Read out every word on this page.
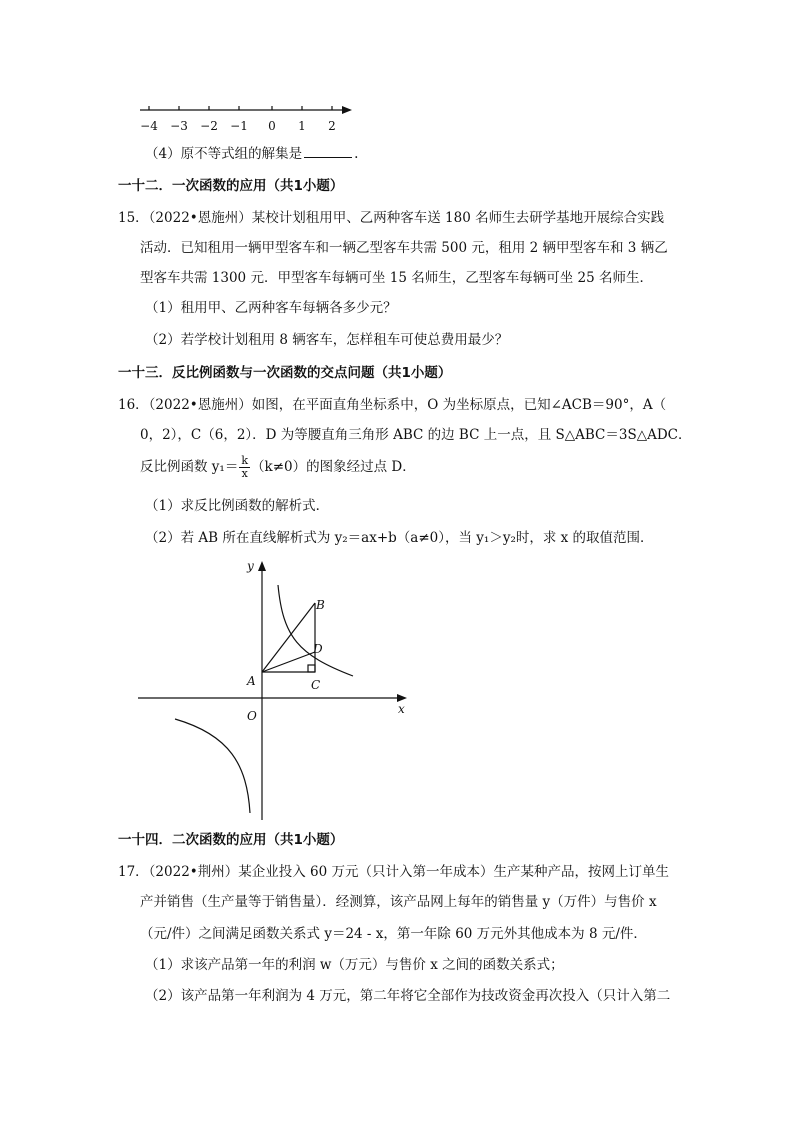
−4 −3 −2 −1 0 1 2
（4）原不等式组的解集是	.
一十二．一次函数的应用（共1小题）
15．（2022•恩施州）某校计划租用甲、乙两种客车送 180 名师生去研学基地开展综合实践
活动．已知租用一辆甲型客车和一辆乙型客车共需 500 元，租用 2 辆甲型客车和 3 辆乙
型客车共需 1300 元．甲型客车每辆可坐 15 名师生，乙型客车每辆可坐 25 名师生．
（1）租用甲、乙两种客车每辆各多少元？
（2）若学校计划租用 8 辆客车，怎样租车可使总费用最少？
一十三．反比例函数与一次函数的交点问题（共1小题）
16．（2022•恩施州）如图，在平面直角坐标系中，O 为坐标原点，已知∠ACB＝90°，A（
0，2），C（6，2）．D 为等腰直角三角形 ABC 的边 BC 上一点，且 S△ABC＝3S△ADC．
反比例函数 $y_1= \frac{k}{x} (k\ne 0)$的图象经过点 D．
（1）求反比例函数的解析式．
（2）若 AB 所在直线解析式为 y₂＝ax+b（a≠0），当 y₁＞y₂时，求 x 的取值范围．
y
x
O
A
B
C
D
一十四．二次函数的应用（共1小题）
17．（2022•荆州）某企业投入 60 万元（只计入第一年成本）生产某种产品，按网上订单生
产并销售（生产量等于销售量）．经测算，该产品网上每年的销售量 y（万件）与售价 x
（元/件）之间满足函数关系式 y＝24 - x，第一年除 60 万元外其他成本为 8 元/件．
（1）求该产品第一年的利润 w（万元）与售价 x 之间的函数关系式；
（2）该产品第一年利润为 4 万元，第二年将它全部作为技改资金再次投入（只计入第二
